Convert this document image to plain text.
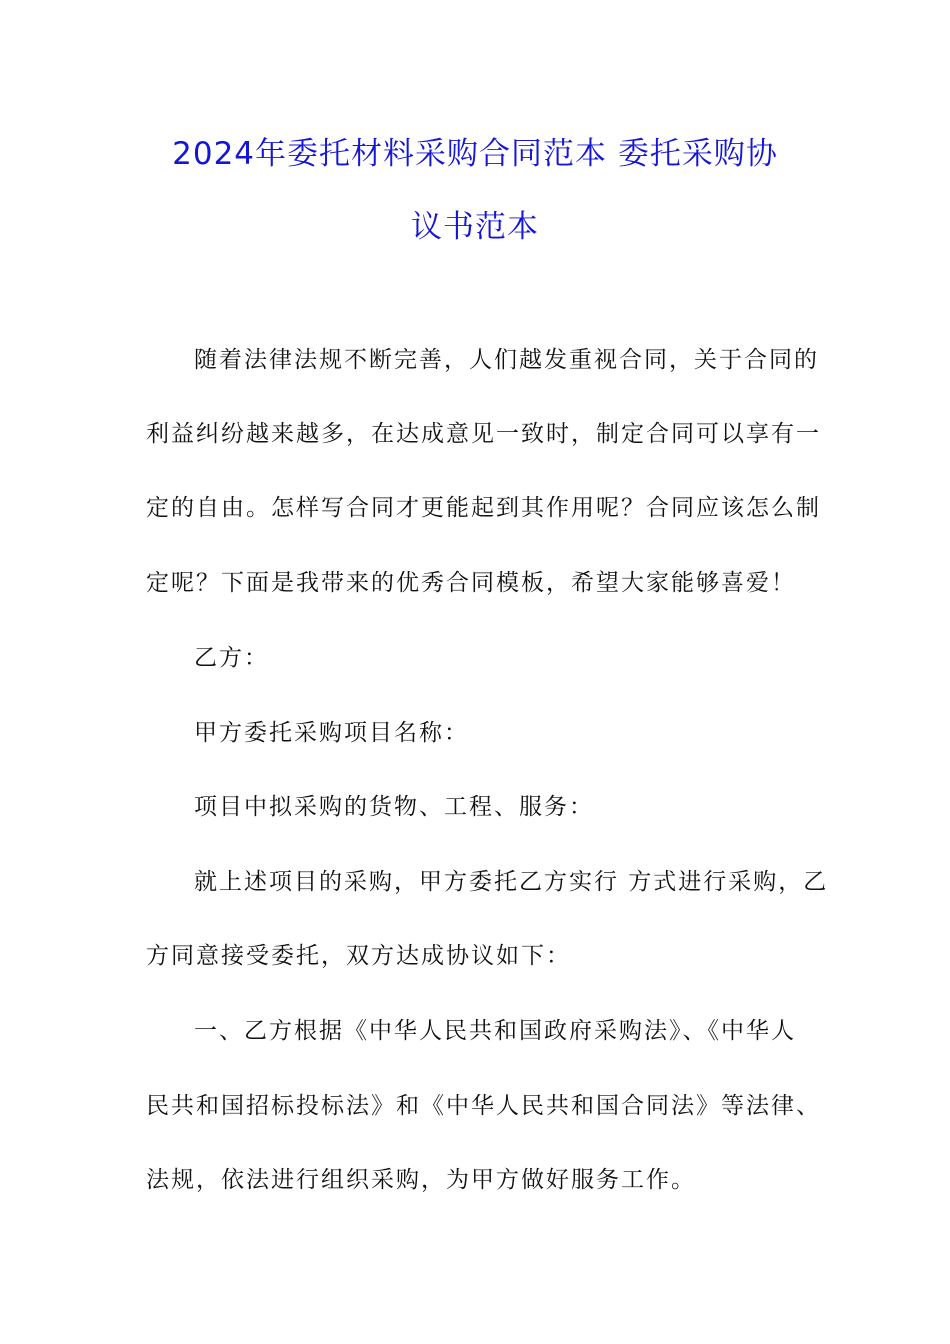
2024年委托材料采购合同范本 委托采购协
议书范本

随着法律法规不断完善，人们越发重视合同，关于合同的

利益纠纷越来越多，在达成意见一致时，制定合同可以享有一

定的自由。怎样写合同才更能起到其作用呢？合同应该怎么制

定呢？下面是我带来的优秀合同模板，希望大家能够喜爱！

乙方：

甲方委托采购项目名称：

项目中拟采购的货物、工程、服务：

就上述项目的采购，甲方委托乙方实行 方式进行采购，乙

方同意接受委托，双方达成协议如下：

一、乙方根据《中华人民共和国政府采购法》、《中华人

民共和国招标投标法》和《中华人民共和国合同法》等法律、

法规，依法进行组织采购，为甲方做好服务工作。
